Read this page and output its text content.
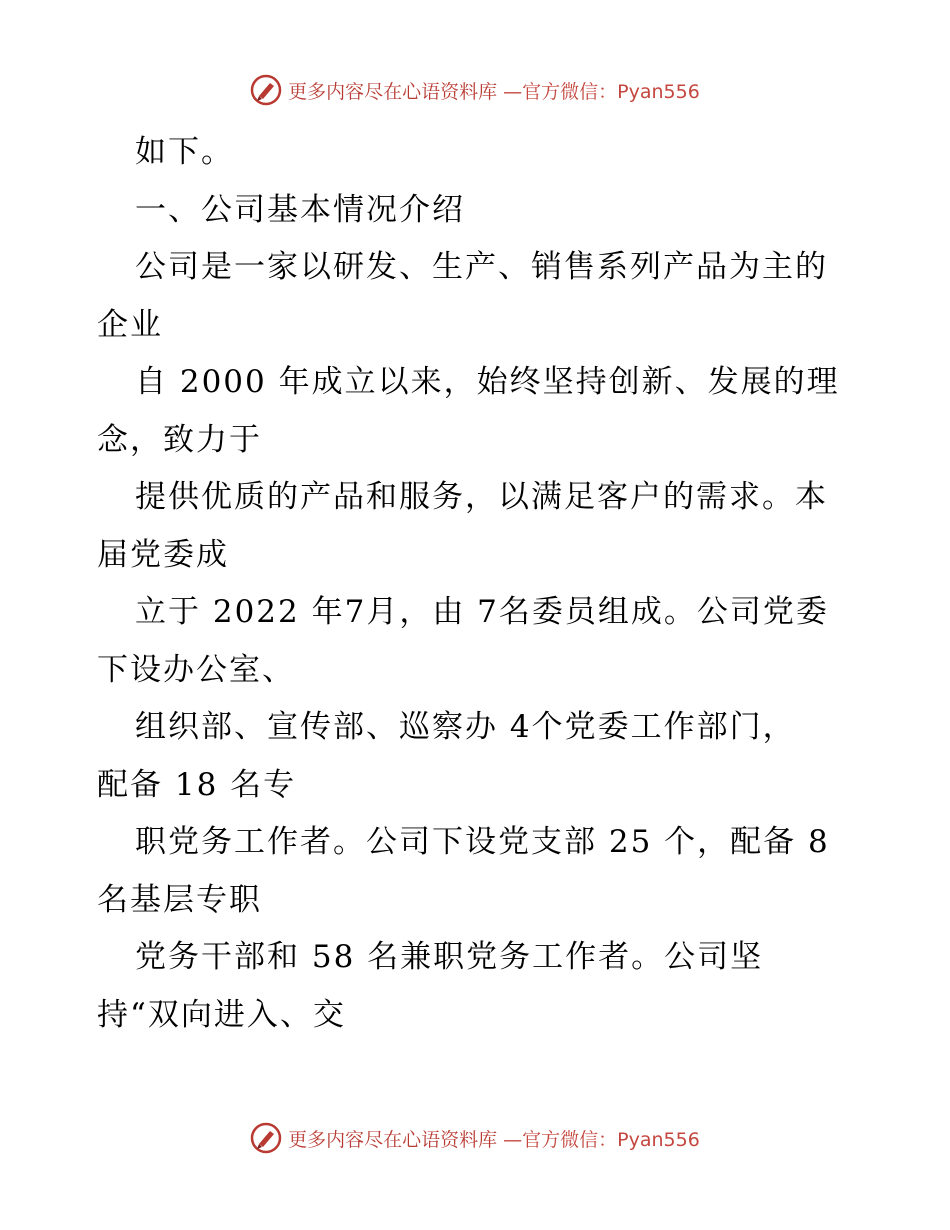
更多内容尽在心语资料库 —官方微信：Pyan556
如下。
一、公司基本情况介绍
公司是一家以研发、生产、销售系列产品为主的
企业
自 2000 年成立以来，始终坚持创新、发展的理
念，致力于
提供优质的产品和服务，以满足客户的需求。本
届党委成
立于 2022 年7月，由 7名委员组成。公司党委
下设办公室、
组织部、宣传部、巡察办 4个党委工作部门，
配备 18 名专
职党务工作者。公司下设党支部 25 个，配备 8
名基层专职
党务干部和 58 名兼职党务工作者。公司坚
持“双向进入、交
更多内容尽在心语资料库 —官方微信：Pyan556
